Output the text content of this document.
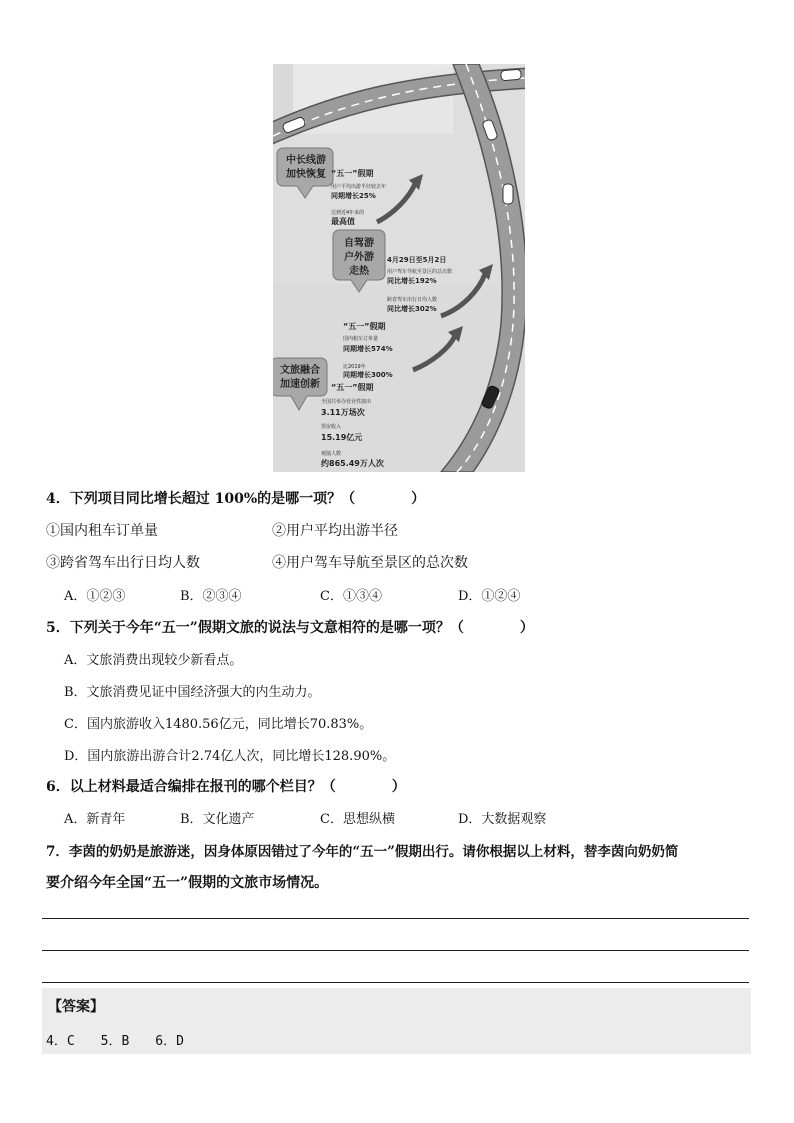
中长线游
加快恢复 “五一”假期
用户平均出游半径较去年
同期增长25%
达到近4年来的
最高值
自驾游
户外游
走热
4月29日至5月2日
用户驾车导航至景区的总次数
同比增长192%
跨省驾车出行日均人数
同比增长302%
“五一”假期
国内租车订单量
同期增长574%
比2019年
同期增长300%
文旅融合
加速创新 “五一”假期
全国共举办营业性演出
3.11万场次
票房收入
15.19亿元
观演人数
约865.49万人次
4．下列项目同比增长超过 100%的是哪一项？（　　　　）
①国内租车订单量	②用户平均出游半径
③跨省驾车出行日均人数	④用户驾车导航至景区的总次数
A．①②③	B．②③④	C．①③④	D．①②④
5．下列关于今年“五一”假期文旅的说法与文意相符的是哪一项？（　　　　）
A．文旅消费出现较少新看点。
B．文旅消费见证中国经济强大的内生动力。
C．国内旅游收入1480.56亿元，同比增长70.83%。
D．国内旅游出游合计2.74亿人次，同比增长128.90%。
6．以上材料最适合编排在报刊的哪个栏目？（　　　　）
A．新青年	B．文化遗产	C．思想纵横	D．大数据观察
7．李茵的奶奶是旅游迷，因身体原因错过了今年的“五一”假期出行。请你根据以上材料，替李茵向奶奶简
要介绍今年全国“五一”假期的文旅市场情况。
【答案】
4．C　　5．B　　6．D
